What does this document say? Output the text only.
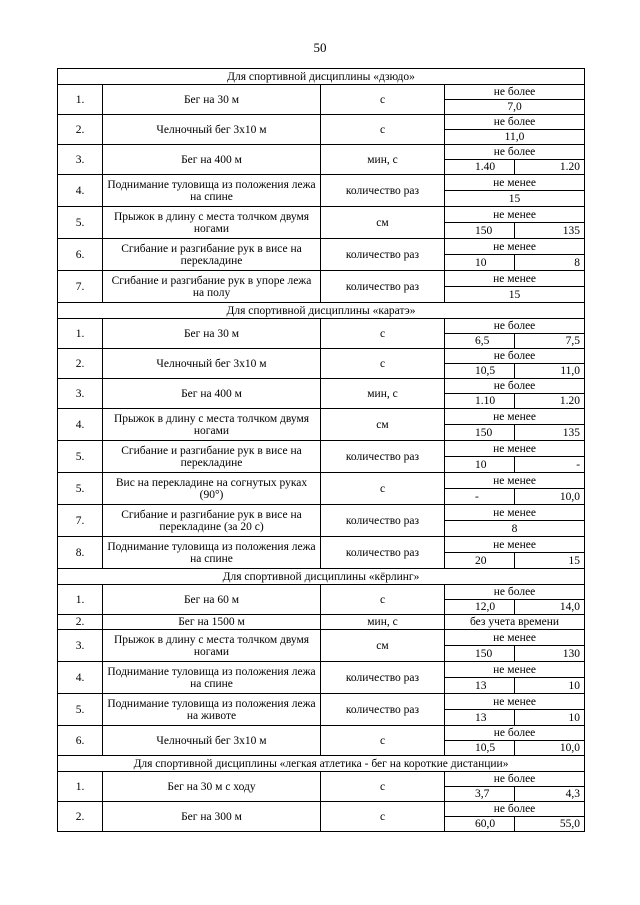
50
Для спортивной дисциплины «дзюдо»				
1.	Бег на 30 м	с	не более	
			7,0	
2.	Челночный бег 3х10 м	с	не более	
			11,0	
3.	Бег на 400 м	мин, с	не более	
			1.40	1.20
4.	Поднимание туловища из положения лежа на спине	количество раз	не менее	
			15	
5.	Прыжок в длину с места толчком двумя ногами	см	не менее	
			150	135
6.	Сгибание и разгибание рук в висе на перекладине	количество раз	не менее	
			10	8
7.	Сгибание и разгибание рук в упоре лежа на полу	количество раз	не менее	
			15	
Для спортивной дисциплины «каратэ»				
1.	Бег на 30 м	с	не более	
			6,5	7,5
2.	Челночный бег 3х10 м	с	не более	
			10,5	11,0
3.	Бег на 400 м	мин, с	не более	
			1.10	1.20
4.	Прыжок в длину с места толчком двумя ногами	см	не менее	
			150	135
5.	Сгибание и разгибание рук в висе на перекладине	количество раз	не менее	
			10	-
5.	Вис на перекладине на согнутых руках (90°)	с	не менее	
			-	10,0
7.	Сгибание и разгибание рук в висе на перекладине (за 20 с)	количество раз	не менее	
			8	
8.	Поднимание туловища из положения лежа на спине	количество раз	не менее	
			20	15
Для спортивной дисциплины «кёрлинг»				
1.	Бег на 60 м	с	не более	
			12,0	14,0
2.	Бег на 1500 м	мин, с	без учета времени	
3.	Прыжок в длину с места толчком двумя ногами	см	не менее	
			150	130
4.	Поднимание туловища из положения лежа на спине	количество раз	не менее	
			13	10
5.	Поднимание туловища из положения лежа на животе	количество раз	не менее	
			13	10
6.	Челночный бег 3х10 м	с	не более	
			10,5	10,0
Для спортивной дисциплины «легкая атлетика - бег на короткие дистанции»				
1.	Бег на 30 м с ходу	с	не более	
			3,7	4,3
2.	Бег на 300 м	с	не более	
			60,0	55,0
